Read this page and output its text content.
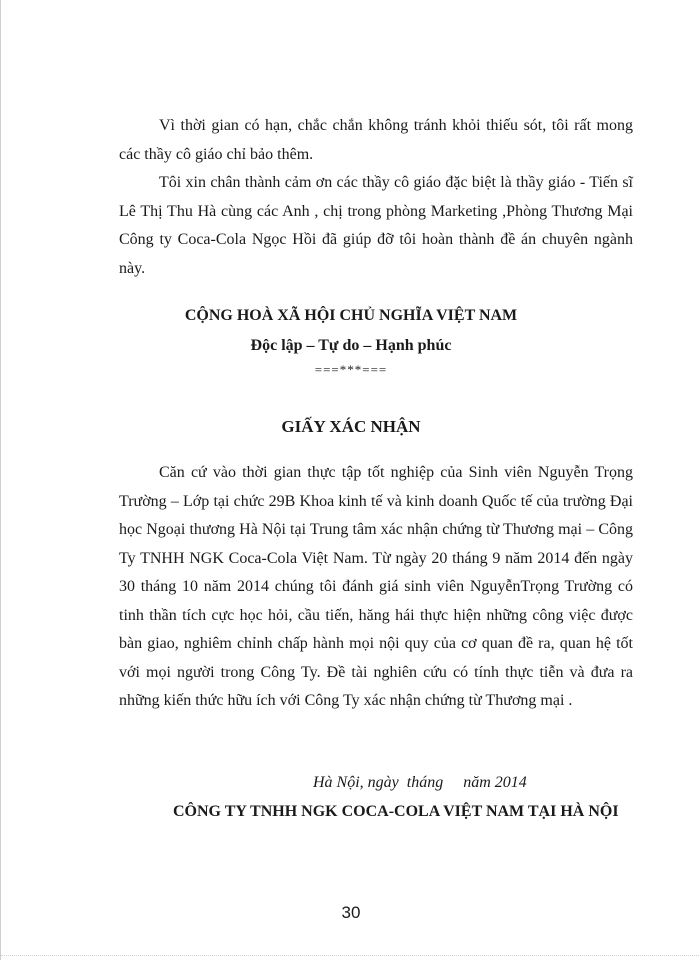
Vì thời gian có hạn, chắc chắn không tránh khỏi thiếu sót, tôi rất mong các thầy cô giáo chỉ bảo thêm.

Tôi xin chân thành cảm ơn các thầy cô giáo đặc biệt là thầy giáo - Tiến sĩ Lê Thị Thu Hà cùng các Anh , chị trong phòng Marketing ,Phòng Thương Mại Công ty Coca-Cola Ngọc Hồi đã giúp đỡ tôi hoàn thành đề án chuyên ngành này.

CỘNG HOÀ XÃ HỘI CHỦ NGHĨA VIỆT NAM

Độc lập – Tự do – Hạnh phúc

===***===

GIẤY XÁC NHẬN

Căn cứ vào thời gian thực tập tốt nghiệp của Sinh viên Nguyễn Trọng Trường – Lớp tại chức 29B Khoa kinh tế và kinh doanh Quốc tế của trường Đại học Ngoại thương Hà Nội tại Trung tâm xác nhận chứng từ Thương mại – Công Ty TNHH NGK Coca-Cola Việt Nam. Từ ngày 20 tháng 9 năm 2014 đến ngày 30 tháng 10 năm 2014 chúng tôi đánh giá sinh viên NguyễnTrọng Trường có tinh thần tích cực học hỏi, cầu tiến, hăng hái thực hiện những công việc được bàn giao, nghiêm chỉnh chấp hành mọi nội quy của cơ quan đề ra, quan hệ tốt với mọi người trong Công Ty. Đề tài nghiên cứu có tính thực tiễn và đưa ra những kiến thức hữu ích với Công Ty xác nhận chứng từ Thương mại .

Hà Nội, ngày  tháng     năm 2014

CÔNG TY TNHH NGK COCA-COLA VIỆT NAM TẠI HÀ NỘI

30
